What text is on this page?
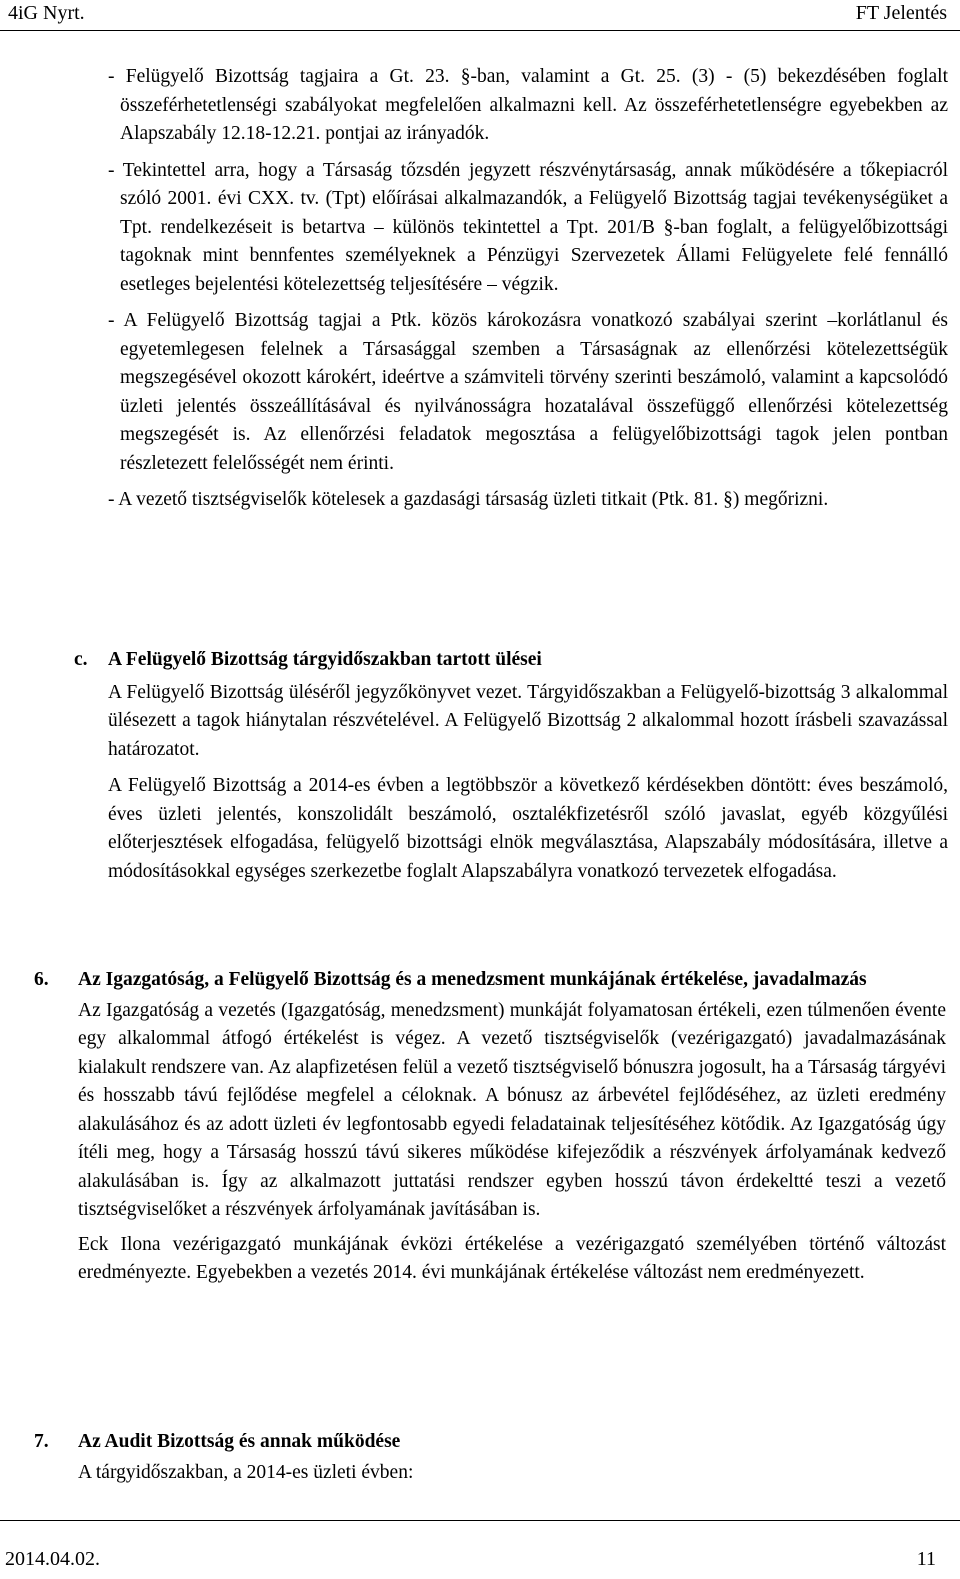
4iG Nyrt.	FT Jelentés

- Felügyelő Bizottság tagjaira a Gt. 23. §-ban, valamint a Gt. 25. (3) - (5) bekezdésében foglalt összeférhetetlenségi szabályokat megfelelően alkalmazni kell. Az összeférhetetlenségre egyebekben az Alapszabály 12.18-12.21. pontjai az irányadók.

- Tekintettel arra, hogy a Társaság tőzsdén jegyzett részvénytársaság, annak működésére a tőkepiacról szóló 2001. évi CXX. tv. (Tpt) előírásai alkalmazandók, a Felügyelő Bizottság tagjai tevékenységüket a Tpt. rendelkezéseit is betartva – különös tekintettel a Tpt. 201/B §-ban foglalt, a felügyelőbizottsági tagoknak mint bennfentes személyeknek a Pénzügyi Szervezetek Állami Felügyelete felé fennálló esetleges bejelentési kötelezettség teljesítésére – végzik.

- A Felügyelő Bizottság tagjai a Ptk. közös károkozásra vonatkozó szabályai szerint –korlátlanul és egyetemlegesen felelnek a Társasággal szemben a Társaságnak az ellenőrzési kötelezettségük megszegésével okozott károkért, ideértve a számviteli törvény szerinti beszámoló, valamint a kapcsolódó üzleti jelentés összeállításával és nyilvánosságra hozatalával összefüggő ellenőrzési kötelezettség megszegését is. Az ellenőrzési feladatok megosztása a felügyelőbizottsági tagok jelen pontban részletezett felelősségét nem érinti.

- A vezető tisztségviselők kötelesek a gazdasági társaság üzleti titkait (Ptk. 81. §) megőrizni.

c. A Felügyelő Bizottság tárgyidőszakban tartott ülései

A Felügyelő Bizottság üléséről jegyzőkönyvet vezet. Tárgyidőszakban a Felügyelő-bizottság 3 alkalommal ülésezett a tagok hiánytalan részvételével. A Felügyelő Bizottság 2 alkalommal hozott írásbeli szavazással határozatot.

A Felügyelő Bizottság a 2014-es évben a legtöbbször a következő kérdésekben döntött: éves beszámoló, éves üzleti jelentés, konszolidált beszámoló, osztalékfizetésről szóló javaslat, egyéb közgyűlési előterjesztések elfogadása, felügyelő bizottsági elnök megválasztása, Alapszabály módosítására, illetve a módosításokkal egységes szerkezetbe foglalt Alapszabályra vonatkozó tervezetek elfogadása.

6. Az Igazgatóság, a Felügyelő Bizottság és a menedzsment munkájának értékelése, javadalmazás

Az Igazgatóság a vezetés (Igazgatóság, menedzsment) munkáját folyamatosan értékeli, ezen túlmenően évente egy alkalommal átfogó értékelést is végez. A vezető tisztségviselők (vezérigazgató) javadalmazásának kialakult rendszere van. Az alapfizetésen felül a vezető tisztségviselő bónuszra jogosult, ha a Társaság tárgyévi és hosszabb távú fejlődése megfelel a céloknak. A bónusz az árbevétel fejlődéséhez, az üzleti eredmény alakulásához és az adott üzleti év legfontosabb egyedi feladatainak teljesítéséhez kötődik. Az Igazgatóság úgy ítéli meg, hogy a Társaság hosszú távú sikeres működése kifejeződik a részvények árfolyamának kedvező alakulásában is. Így az alkalmazott juttatási rendszer egyben hosszú távon érdekeltté teszi a vezető tisztségviselőket a részvények árfolyamának javításában is.

Eck Ilona vezérigazgató munkájának évközi értékelése a vezérigazgató személyében történő változást eredményezte. Egyebekben a vezetés 2014. évi munkájának értékelése változást nem eredményezett.

7. Az Audit Bizottság és annak működése

A tárgyidőszakban, a 2014-es üzleti évben:

2014.04.02.	11
